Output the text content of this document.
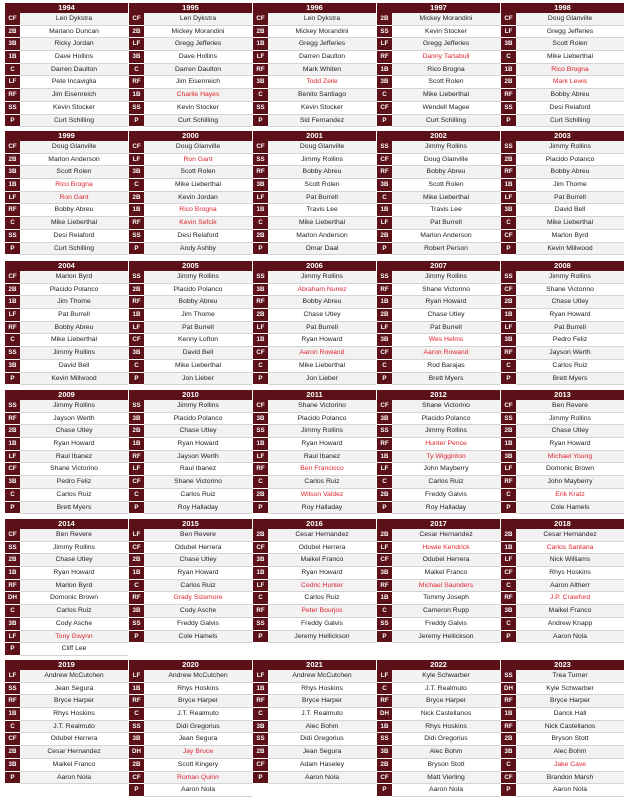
1994
CF	Len Dykstra
2B	Mariano Duncan
3B	Ricky Jordan
1B	Dave Hollins
C	Darren Daulton
LF	Pete Incaviglia
RF	Jim Eisenreich
SS	Kevin Stocker
P	Curt Schilling
1995
CF	Len Dykstra
2B	Mickey Morandini
LF	Gregg Jefferies
3B	Dave Hollins
C	Darren Daulton
RF	Jim Eisenreich
1B	Charlie Hayes
SS	Kevin Stocker
P	Curt Schilling
1996
CF	Len Dykstra
2B	Mickey Morandini
1B	Gregg Jefferies
LF	Darren Daulton
RF	Mark Whiten
3B	Todd Zeile
C	Benito Santiago
SS	Kevin Stocker
P	Sid Fernandez
1997
2B	Mickey Morandini
SS	Kevin Stocker
LF	Gregg Jefferies
RF	Danny Tartabull
1B	Rico Brogna
3B	Scott Rolen
C	Mike Lieberthal
CF	Wendell Magee
P	Curt Schilling
1998
CF	Doug Glanville
LF	Gregg Jefferies
3B	Scott Rolen
C	Mike Lieberthal
1B	Rico Brogna
2B	Mark Lewis
RF	Bobby Abreu
SS	Desi Relaford
P	Curt Schilling
1999
CF	Doug Glanville
2B	Marlon Anderson
3B	Scott Rolen
1B	Rico Brogna
LF	Ron Gant
RF	Bobby Abreu
C	Mike Lieberthal
SS	Desi Relaford
P	Curt Schilling
2000
CF	Doug Glanville
LF	Ron Gant
3B	Scott Rolen
C	Mike Lieberthal
2B	Kevin Jordan
1B	Rico Brogna
RF	Kevin Sefcik
SS	Desi Relaford
P	Andy Ashby
2001
CF	Doug Glanville
SS	Jimmy Rollins
RF	Bobby Abreu
3B	Scott Rolen
LF	Pat Burrell
1B	Travis Lee
C	Mike Lieberthal
2B	Marlon Anderson
P	Omar Daal
2002
SS	Jimmy Rollins
CF	Doug Glanville
RF	Bobby Abreu
3B	Scott Rolen
C	Mike Lieberthal
1B	Travis Lee
LF	Pat Burrell
2B	Marlon Anderson
P	Robert Person
2003
SS	Jimmy Rollins
2B	Placido Polanco
RF	Bobby Abreu
1B	Jim Thome
LF	Pat Burrell
3B	David Bell
C	Mike Lieberthal
CF	Marlon Byrd
P	Kevin Millwood
2004
CF	Marlon Byrd
2B	Placido Polanco
1B	Jim Thome
LF	Pat Burrell
RF	Bobby Abreu
C	Mike Lieberthal
SS	Jimmy Rollins
3B	David Bell
P	Kevin Millwood
2005
SS	Jimmy Rollins
2B	Placido Polanco
RF	Bobby Abreu
1B	Jim Thome
LF	Pat Burrell
CF	Kenny Lofton
3B	David Bell
C	Mike Lieberthal
P	Jon Lieber
2006
SS	Jimmy Rollins
3B	Abraham Nunez
RF	Bobby Abreu
2B	Chase Utley
LF	Pat Burrell
1B	Ryan Howard
CF	Aaron Rowand
C	Mike Lieberthal
P	Jon Lieber
2007
SS	Jimmy Rollins
RF	Shane Victorino
1B	Ryan Howard
2B	Chase Utley
LF	Pat Burrell
3B	Wes Helms
CF	Aaron Rowand
C	Rod Barajas
P	Brett Myers
2008
SS	Jimmy Rollins
CF	Shane Victorino
2B	Chase Utley
1B	Ryan Howard
LF	Pat Burrell
3B	Pedro Feliz
RF	Jayson Werth
C	Carlos Ruiz
P	Brett Myers
2009
SS	Jimmy Rollins
RF	Jayson Werth
2B	Chase Utley
1B	Ryan Howard
LF	Raul Ibanez
CF	Shane Victorino
3B	Pedro Feliz
C	Carlos Ruiz
P	Brett Myers
2010
SS	Jimmy Rollins
3B	Placido Polanco
2B	Chase Utley
1B	Ryan Howard
RF	Jayson Werth
LF	Raul Ibanez
CF	Shane Victorino
C	Carlos Ruiz
P	Roy Halladay
2011
CF	Shane Victorino
3B	Placido Polanco
SS	Jimmy Rollins
1B	Ryan Howard
LF	Raul Ibanez
RF	Ben Francisco
C	Carlos Ruiz
2B	Wilson Valdez
P	Roy Halladay
2012
CF	Shane Victorino
3B	Placido Polanco
SS	Jimmy Rollins
RF	Hunter Pence
1B	Ty Wigginton
LF	John Mayberry
C	Carlos Ruiz
2B	Freddy Galvis
P	Roy Halladay
2013
CF	Ben Revere
SS	Jimmy Rollins
2B	Chase Utley
1B	Ryan Howard
3B	Michael Young
LF	Domonic Brown
RF	John Mayberry
C	Erik Kratz
P	Cole Hamels
2014
CF	Ben Revere
SS	Jimmy Rollins
2B	Chase Utley
1B	Ryan Howard
RF	Marlon Byrd
DH	Domonic Brown
C	Carlos Ruiz
3B	Cody Asche
LF	Tony Gwynn
P	Cliff Lee
2015
LF	Ben Revere
CF	Odubel Herrera
2B	Chase Utley
1B	Ryan Howard
C	Carlos Ruiz
RF	Grady Sizemore
3B	Cody Asche
SS	Freddy Galvis
P	Cole Hamels
2016
2B	Cesar Hernandez
CF	Odubel Herrera
3B	Maikel Franco
1B	Ryan Howard
LF	Cedric Hunter
C	Carlos Ruiz
RF	Peter Bourjos
SS	Freddy Galvis
P	Jeremy Hellickson
2017
2B	Cesar Hernandez
LF	Howie Kendrick
CF	Odubel Herrera
3B	Maikel Franco
RF	Michael Saunders
1B	Tommy Joseph
C	Cameron Rupp
SS	Freddy Galvis
P	Jeremy Hellickson
2018
2B	Cesar Hernandez
1B	Carlos Santana
LF	Nick Williams
CF	Rhys Hoskins
C	Aaron Altherr
RF	J.P. Crawford
3B	Maikel Franco
C	Andrew Knapp
P	Aaron Nola
2019
LF	Andrew McCutchen
SS	Jean Segura
RF	Bryce Harper
1B	Rhys Hoskins
C	J.T. Realmuto
CF	Odubel Herrera
2B	Cesar Hernandez
3B	Maikel Franco
P	Aaron Nola
2020
LF	Andrew McCutchen
1B	Rhys Hoskins
RF	Bryce Harper
C	J.T. Realmuto
SS	Didi Gregorius
3B	Jean Segura
DH	Jay Bruce
2B	Scott Kingery
CF	Roman Quinn
P	Aaron Nola
2021
LF	Andrew McCutchen
1B	Rhys Hoskins
RF	Bryce Harper
C	J.T. Realmuto
3B	Alec Bohm
SS	Didi Gregorius
2B	Jean Segura
CF	Adam Haseley
P	Aaron Nola
2022
LF	Kyle Schwarber
C	J.T. Realmuto
RF	Bryce Harper
DH	Nick Castellanos
1B	Rhys Hoskins
SS	Didi Gregorius
3B	Alec Bohm
2B	Bryson Stott
CF	Matt Vierling
P	Aaron Nola
2023
SS	Trea Turner
DH	Kyle Schwarber
RF	Bryce Harper
1B	Darick Hall
RF	Nick Castellanos
2B	Bryson Stott
3B	Alec Bohm
C	Jake Cave
CF	Brandon Marsh
P	Aaron Nola
